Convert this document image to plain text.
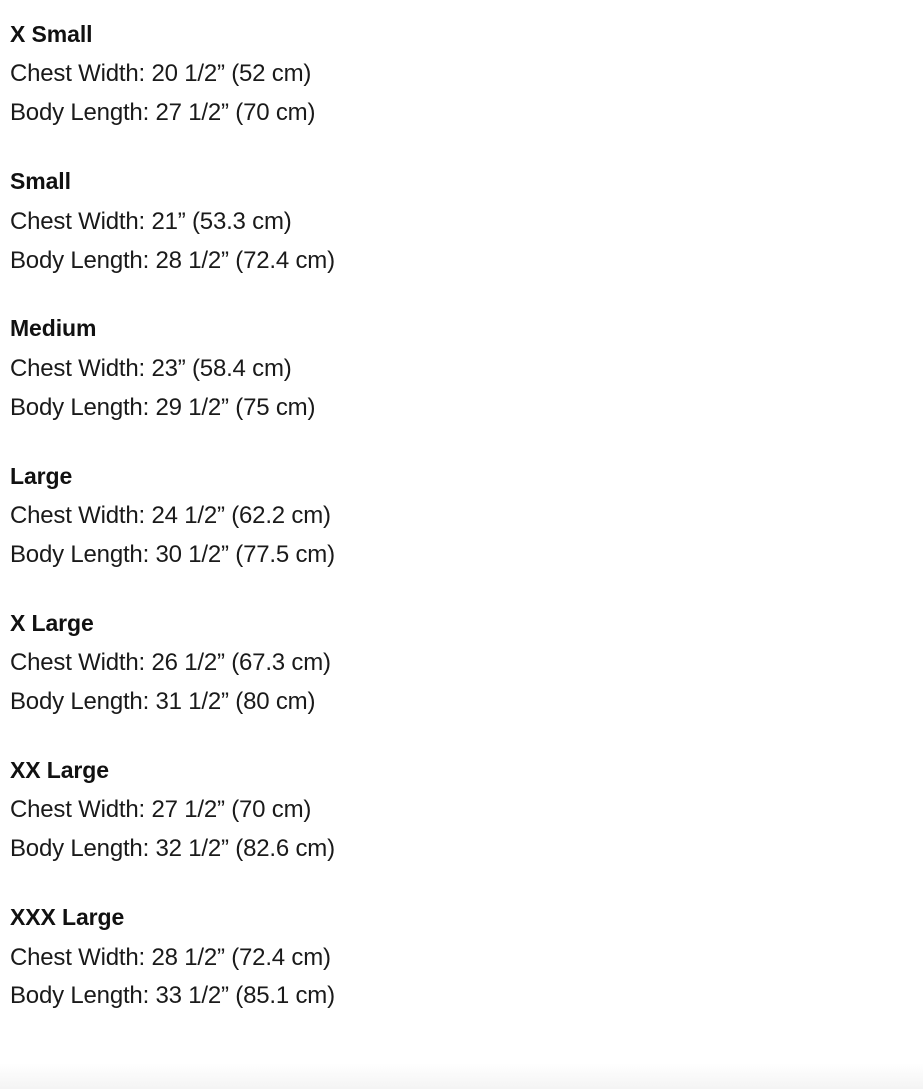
X Small
Chest Width: 20 1/2” (52 cm)
Body Length: 27 1/2” (70 cm)
Small
Chest Width: 21” (53.3 cm)
Body Length: 28 1/2” (72.4 cm)
Medium
Chest Width: 23” (58.4 cm)
Body Length: 29 1/2” (75 cm)
Large
Chest Width: 24 1/2” (62.2 cm)
Body Length: 30 1/2” (77.5 cm)
X Large
Chest Width: 26 1/2” (67.3 cm)
Body Length: 31 1/2” (80 cm)
XX Large
Chest Width: 27 1/2” (70 cm)
Body Length: 32 1/2” (82.6 cm)
XXX Large
Chest Width: 28 1/2” (72.4 cm)
Body Length: 33 1/2” (85.1 cm)
